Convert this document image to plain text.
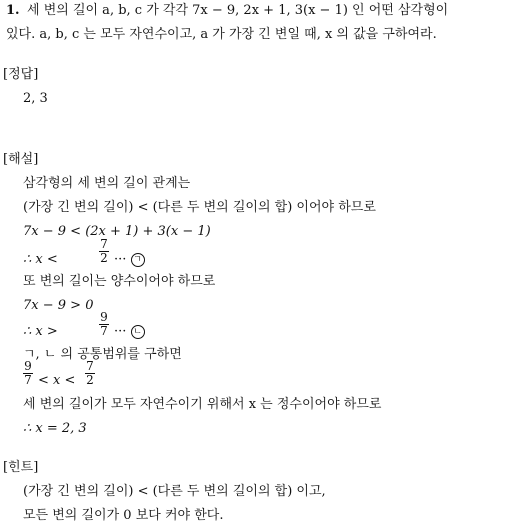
1. 세 변의 길이 a, b, c 가 각각 7x − 9, 2x + 1, 3(x − 1) 인 어떤 삼각형이
있다. a, b, c 는 모두 자연수이고, a 가 가장 긴 변일 때, x 의 값을 구하여라.
[정답]
2, 3
[해설]
삼각형의 세 변의 길이 관계는
(가장 긴 변의 길이) < (다른 두 변의 길이의 합) 이어야 하므로
7x − 9 < (2x + 1) + 3(x − 1)
∴ x <
7
2 ··· ㄱ
또 변의 길이는 양수이어야 하므로
7x − 9 > 0
∴ x >
9
7 ··· ㄴ
ㄱ, ㄴ 의 공통범위를 구하면
9
7 < x <
7
2
세 변의 길이가 모두 자연수이기 위해서 x 는 정수이어야 하므로
∴ x = 2, 3
[힌트]
(가장 긴 변의 길이) < (다른 두 변의 길이의 합) 이고,
모든 변의 길이가 0 보다 커야 한다.
